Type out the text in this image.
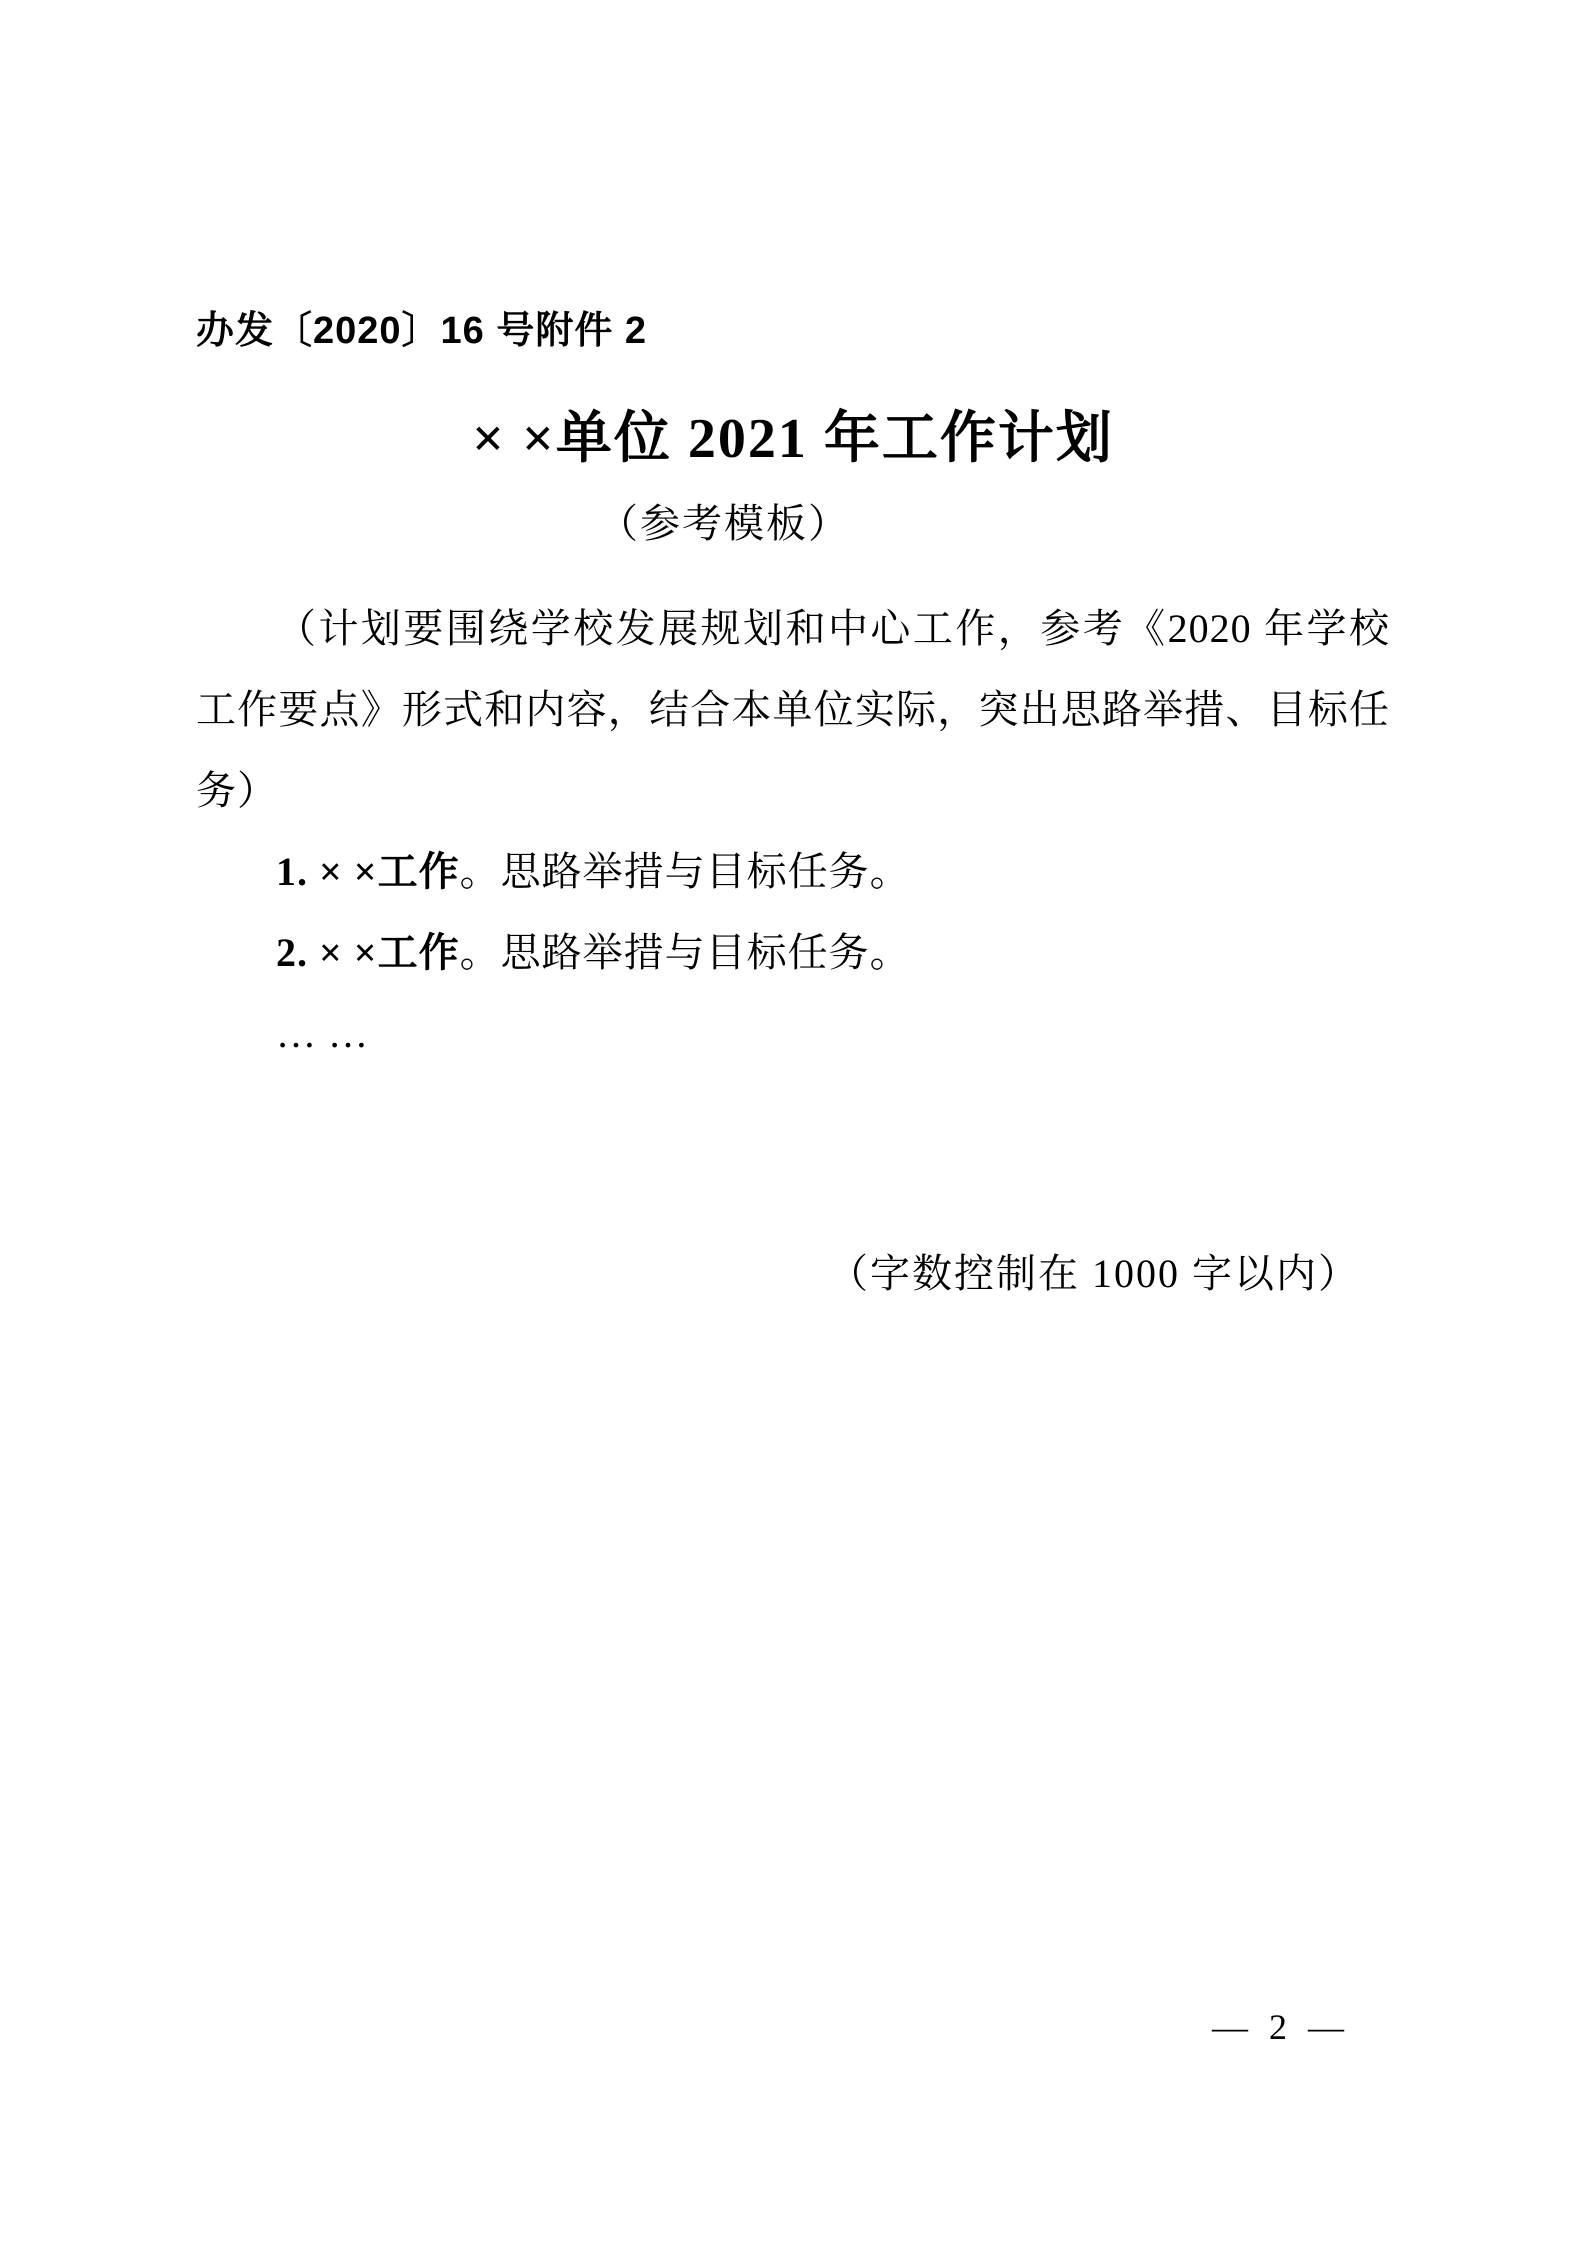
办发〔2020〕16 号附件 2
× ×单位 2021 年工作计划
（参考模板）

（计划要围绕学校发展规划和中心工作，参考《2020 年学校工作要点》形式和内容，结合本单位实际，突出思路举措、目标任务）

1. × ×工作。思路举措与目标任务。

2. × ×工作。思路举措与目标任务。

… …

（字数控制在 1000 字以内）
— 2 —
